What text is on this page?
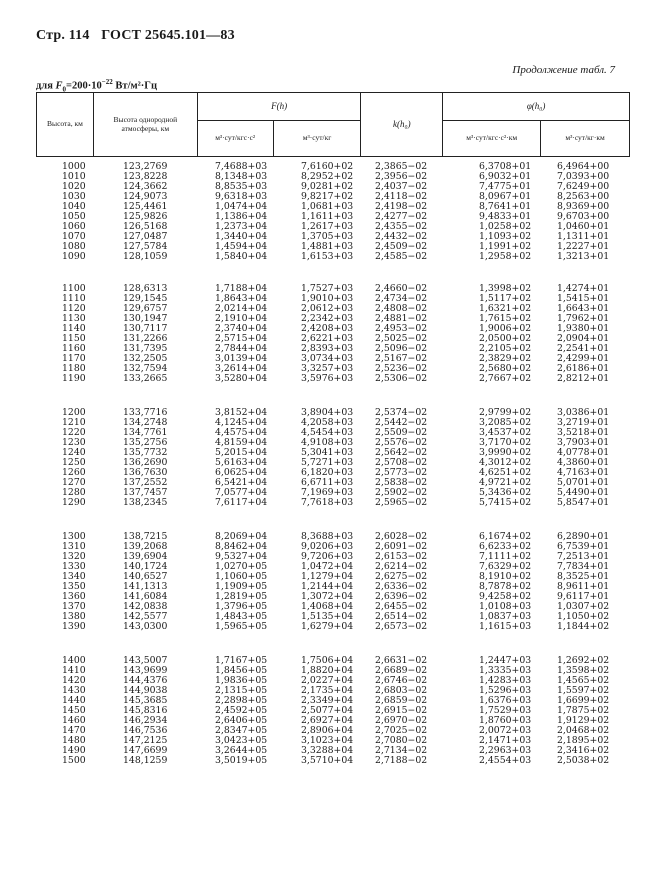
Стр. 114 ГОСТ 25645.101—83
Продолжение табл. 7
для $F_0=200\cdot 10^{-22}$ Вт/м²·Гц
Высота, км	Высота однородной атмосферы, км	F(h)		k(h₀)	φ(h₀)	
		м³·сут/кгс·с²	м³·сут/кг		м³·сут/кгс·с²·км	м³·сут/кг·км
1000	123,2769	7,4688+03	7,6160+02	2,3865−02	6,3708+01	6,4964+00
1010	123,8228	8,1348+03	8,2952+02	2,3956−02	6,9032+01	7,0393+00
1020	124,3662	8,8535+03	9,0281+02	2,4037−02	7,4775+01	7,6249+00
1030	124,9073	9,6318+03	9,8217+02	2,4118−02	8,0967+01	8,2563+00
1040	125,4461	1,0474+04	1,0681+03	2,4198−02	8,7641+01	8,9369+00
1050	125,9826	1,1386+04	1,1611+03	2,4277−02	9,4833+01	9,6703+00
1060	126,5168	1,2373+04	1,2617+03	2,4355−02	1,0258+02	1,0460+01
1070	127,0487	1,3440+04	1,3705+03	2,4432−02	1,1093+02	1,1311+01
1080	127,5784	1,4594+04	1,4881+03	2,4509−02	1,1991+02	1,2227+01
1090	128,1059	1,5840+04	1,6153+03	2,4585−02	1,2958+02	1,3213+01
1100	128,6313	1,7188+04	1,7527+03	2,4660−02	1,3998+02	1,4274+01
1110	129,1545	1,8643+04	1,9010+03	2,4734−02	1,5117+02	1,5415+01
1120	129,6757	2,0214+04	2,0612+03	2,4808−02	1,6321+02	1,6643+01
1130	130,1947	2,1910+04	2,2342+03	2,4881−02	1,7615+02	1,7962+01
1140	130,7117	2,3740+04	2,4208+03	2,4953−02	1,9006+02	1,9380+01
1150	131,2266	2,5715+04	2,6221+03	2,5025−02	2,0500+02	2,0904+01
1160	131,7395	2,7844+04	2,8393+03	2,5096−02	2,2105+02	2,2541+01
1170	132,2505	3,0139+04	3,0734+03	2,5167−02	2,3829+02	2,4299+01
1180	132,7594	3,2614+04	3,3257+03	2,5236−02	2,5680+02	2,6186+01
1190	133,2665	3,5280+04	3,5976+03	2,5306−02	2,7667+02	2,8212+01
1200	133,7716	3,8152+04	3,8904+03	2,5374−02	2,9799+02	3,0386+01
1210	134,2748	4,1245+04	4,2058+03	2,5442−02	3,2085+02	3,2719+01
1220	134,7761	4,4575+04	4,5454+03	2,5509−02	3,4537+02	3,5218+01
1230	135,2756	4,8159+04	4,9108+03	2,5576−02	3,7170+02	3,7903+01
1240	135,7732	5,2015+04	5,3041+03	2,5642−02	3,9990+02	4,0778+01
1250	136,2690	5,6163+04	5,7271+03	2,5708−02	4,3012+02	4,3860+01
1260	136,7630	6,0625+04	6,1820+03	2,5773−02	4,6251+02	4,7163+01
1270	137,2552	6,5421+04	6,6711+03	2,5838−02	4,9721+02	5,0701+01
1280	137,7457	7,0577+04	7,1969+03	2,5902−02	5,3436+02	5,4490+01
1290	138,2345	7,6117+04	7,7618+03	2,5965−02	5,7415+02	5,8547+01
1300	138,7215	8,2069+04	8,3688+03	2,6028−02	6,1674+02	6,2890+01
1310	139,2068	8,8462+04	9,0206+03	2,6091−02	6,6233+02	6,7539+01
1320	139,6904	9,5327+04	9,7206+03	2,6153−02	7,1111+02	7,2513+01
1330	140,1724	1,0270+05	1,0472+04	2,6214−02	7,6329+02	7,7834+01
1340	140,6527	1,1060+05	1,1279+04	2,6275−02	8,1910+02	8,3525+01
1350	141,1313	1,1909+05	1,2144+04	2,6336−02	8,7878+02	8,9611+01
1360	141,6084	1,2819+05	1,3072+04	2,6396−02	9,4258+02	9,6117+01
1370	142,0838	1,3796+05	1,4068+04	2,6455−02	1,0108+03	1,0307+02
1380	142,5577	1,4843+05	1,5135+04	2,6514−02	1,0837+03	1,1050+02
1390	143,0300	1,5965+05	1,6279+04	2,6573−02	1,1615+03	1,1844+02
1400	143,5007	1,7167+05	1,7506+04	2,6631−02	1,2447+03	1,2692+02
1410	143,9699	1,8456+05	1,8820+04	2,6689−02	1,3335+03	1,3598+02
1420	144,4376	1,9836+05	2,0227+04	2,6746−02	1,4283+03	1,4565+02
1430	144,9038	2,1315+05	2,1735+04	2,6803−02	1,5296+03	1,5597+02
1440	145,3685	2,2898+05	2,3349+04	2,6859−02	1,6376+03	1,6699+02
1450	145,8316	2,4592+05	2,5077+04	2,6915−02	1,7529+03	1,7875+02
1460	146,2934	2,6406+05	2,6927+04	2,6970−02	1,8760+03	1,9129+02
1470	146,7536	2,8347+05	2,8906+04	2,7025−02	2,0072+03	2,0468+02
1480	147,2125	3,0423+05	3,1023+04	2,7080−02	2,1471+03	2,1895+02
1490	147,6699	3,2644+05	3,3288+04	2,7134−02	2,2963+03	2,3416+02
1500	148,1259	3,5019+05	3,5710+04	2,7188−02	2,4554+03	2,5038+02
